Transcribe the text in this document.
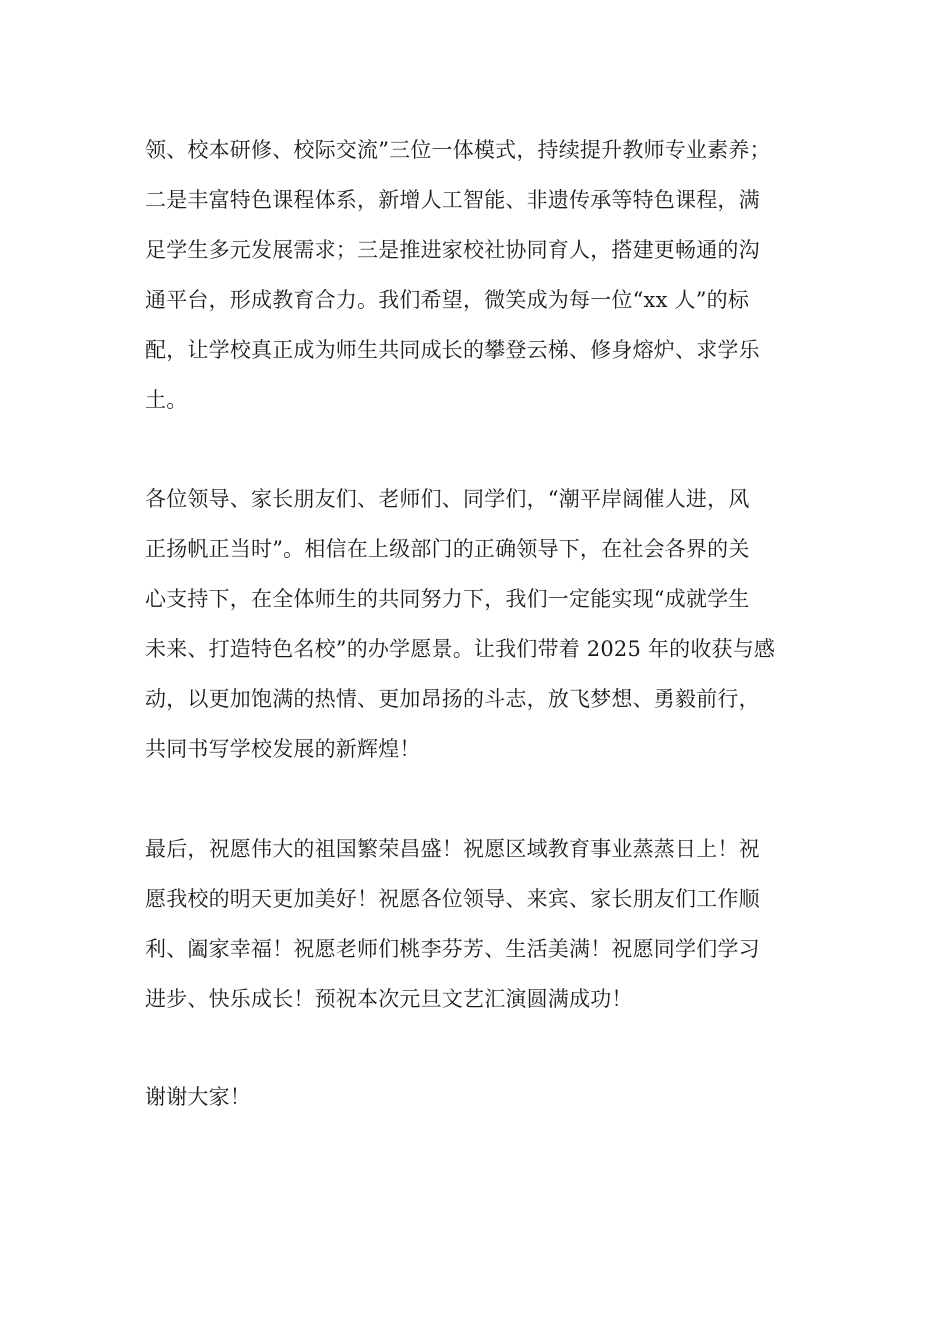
领、校本研修、校际交流”三位一体模式，持续提升教师专业素养；
二是丰富特色课程体系，新增人工智能、非遗传承等特色课程，满
足学生多元发展需求；三是推进家校社协同育人，搭建更畅通的沟
通平台，形成教育合力。我们希望，微笑成为每一位“xx 人”的标
配，让学校真正成为师生共同成长的攀登云梯、修身熔炉、求学乐
土。
各位领导、家长朋友们、老师们、同学们，“潮平岸阔催人进，风
正扬帆正当时”。相信在上级部门的正确领导下，在社会各界的关
心支持下，在全体师生的共同努力下，我们一定能实现“成就学生
未来、打造特色名校”的办学愿景。让我们带着 2025 年的收获与感
动，以更加饱满的热情、更加昂扬的斗志，放飞梦想、勇毅前行，
共同书写学校发展的新辉煌！
最后，祝愿伟大的祖国繁荣昌盛！祝愿区域教育事业蒸蒸日上！祝
愿我校的明天更加美好！祝愿各位领导、来宾、家长朋友们工作顺
利、阖家幸福！祝愿老师们桃李芬芳、生活美满！祝愿同学们学习
进步、快乐成长！预祝本次元旦文艺汇演圆满成功！
谢谢大家！
